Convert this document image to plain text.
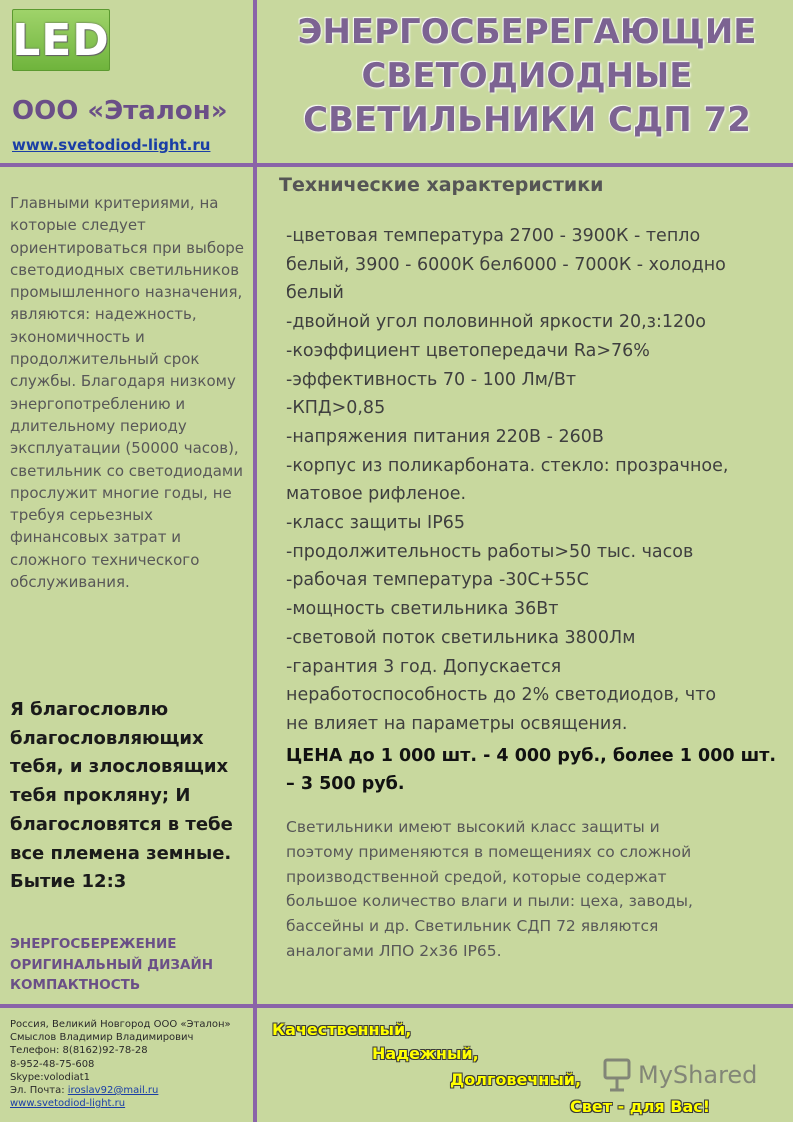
LED
ООО «Эталон»
www.svetodiod-light.ru
ЭНЕРГОСБЕРЕГАЮЩИЕ
СВЕТОДИОДНЫЕ
СВЕТИЛЬНИКИ СДП 72
Главными критериями, на которые следует ориентироваться при выборе светодиодных светильников промышленного назначения, являются: надежность, экономичность и продолжительный срок службы. Благодаря низкому энергопотреблению и длительному периоду эксплуатации (50000 часов), светильник со светодиодами прослужит многие годы, не требуя серьезных финансовых затрат и сложного технического обслуживания.
Я благословлю благословляющих тебя, и злословящих тебя прокляну; И благословятся в тебе все племена земные. Бытие 12:3
ЭНЕРГОСБЕРЕЖЕНИЕ
ОРИГИНАЛЬНЫЙ ДИЗАЙН
КОМПАКТНОСТЬ
Технические характеристики
-цветовая температура 2700 - 3900К - тепло
белый, 3900 - 6000К бел6000 - 7000К - холодно
белый
-двойной угол половинной яркости 20,з:120о
-коэффициент цветопередачи Ra>76%
-эффективность 70 - 100 Лм/Вт
-КПД>0,85
-напряжения питания 220В - 260В
-корпус из поликарбоната. стекло: прозрачное,
матовое рифленое.
-класс защиты IP65
-продолжительность работы>50 тыс. часов
-рабочая температура -30С+55С
-мощность светильника 36Вт
-световой поток светильника 3800Лм
-гарантия 3 год. Допускается
неработоспособность до 2% светодиодов, что
не влияет на параметры освящения.
ЦЕНА до 1 000 шт. - 4 000 руб., более 1 000 шт.
– 3 500 руб.
Светильники имеют высокий класс защиты и
поэтому применяются в помещениях со сложной
производственной средой, которые содержат
большое количество влаги и пыли: цеха, заводы,
бассейны и др. Светильник СДП 72 являются
аналогами ЛПО 2х36 IP65.
Россия, Великий Новгород ООО «Эталон»
Смыслов Владимир Владимирович
Телефон: 8(8162)92-78-28
8-952-48-75-608
Skype:volodiat1
Эл. Почта: iroslav92@mail.ru
www.svetodiod-light.ru
Качественный,
Надежный,
Долговечный,
Свет - для Вас!
MyShared
